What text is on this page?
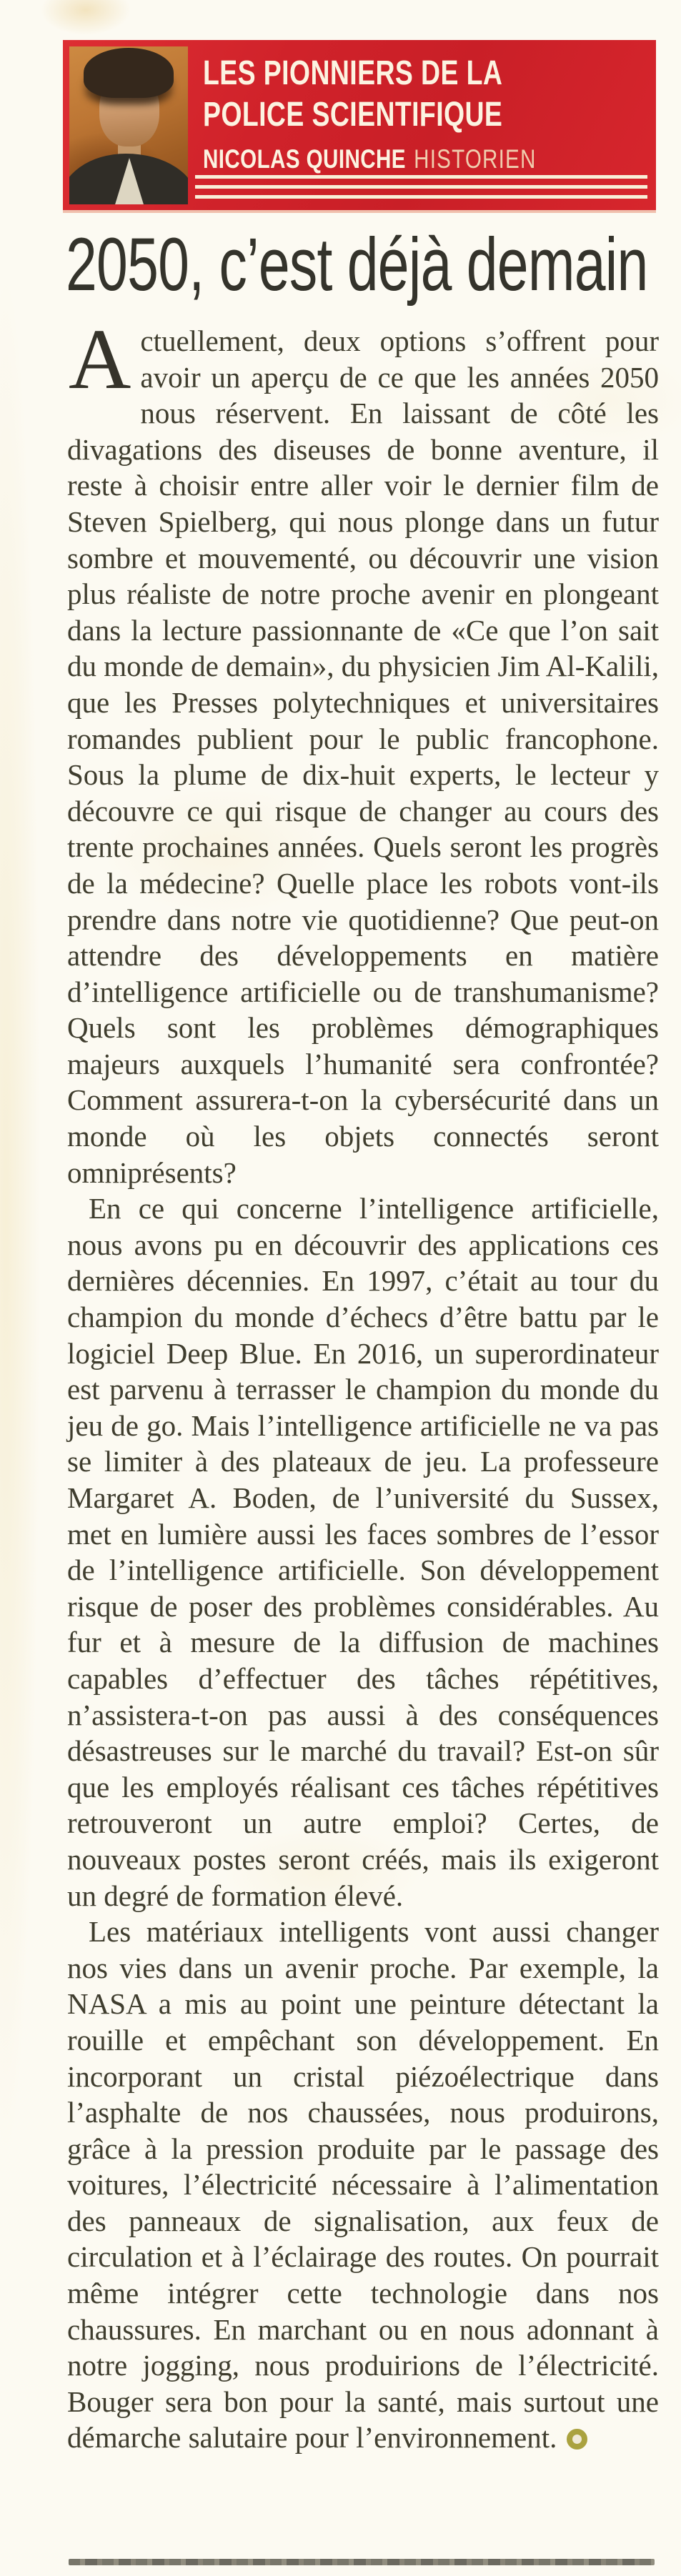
LES PIONNIERS DE LA
POLICE SCIENTIFIQUE
NICOLAS QUINCHE HISTORIEN
2050, c’est déjà demain

Actuellement, deux options s’offrent pour avoir un aperçu de ce que les années 2050 nous réservent. En laissant de côté les divagations des diseuses de bonne aventure, il reste à choisir entre aller voir le dernier film de Steven Spielberg, qui nous plonge dans un futur sombre et mouvementé, ou découvrir une vision plus réaliste de notre proche avenir en plongeant dans la lecture passionnante de «Ce que l’on sait du monde de demain», du physicien Jim Al-Kalili, que les Presses polytechniques et universitaires romandes publient pour le public francophone. Sous la plume de dix-huit experts, le lecteur y découvre ce qui risque de changer au cours des trente prochaines années. Quels seront les progrès de la médecine? Quelle place les robots vont-ils prendre dans notre vie quotidienne? Que peut-on attendre des développements en matière d’intelligence artificielle ou de transhumanisme? Quels sont les problèmes démographiques majeurs auxquels l’humanité sera confrontée? Comment assurera-t-on la cybersécurité dans un monde où les objets connectés seront omniprésents?

En ce qui concerne l’intelligence artificielle, nous avons pu en découvrir des applications ces dernières décennies. En 1997, c’était au tour du champion du monde d’échecs d’être battu par le logiciel Deep Blue. En 2016, un superordinateur est parvenu à terrasser le champion du monde du jeu de go. Mais l’intelligence artificielle ne va pas se limiter à des plateaux de jeu. La professeure Margaret A. Boden, de l’université du Sussex, met en lumière aussi les faces sombres de l’essor de l’intelligence artificielle. Son développement risque de poser des problèmes considérables. Au fur et à mesure de la diffusion de machines capables d’effectuer des tâches répétitives, n’assistera-t-on pas aussi à des conséquences désastreuses sur le marché du travail? Est-on sûr que les employés réalisant ces tâches répétitives retrouveront un autre emploi? Certes, de nouveaux postes seront créés, mais ils exigeront un degré de formation élevé.

Les matériaux intelligents vont aussi changer nos vies dans un avenir proche. Par exemple, la NASA a mis au point une peinture détectant la rouille et empêchant son développement. En incorporant un cristal piézoélectrique dans l’asphalte de nos chaussées, nous produirons, grâce à la pression produite par le passage des voitures, l’électricité nécessaire à l’alimentation des panneaux de signalisation, aux feux de circulation et à l’éclairage des routes. On pourrait même intégrer cette technologie dans nos chaussures. En marchant ou en nous adonnant à notre jogging, nous produirions de l’électricité. Bouger sera bon pour la santé, mais surtout une démarche salutaire pour l’environnement.
